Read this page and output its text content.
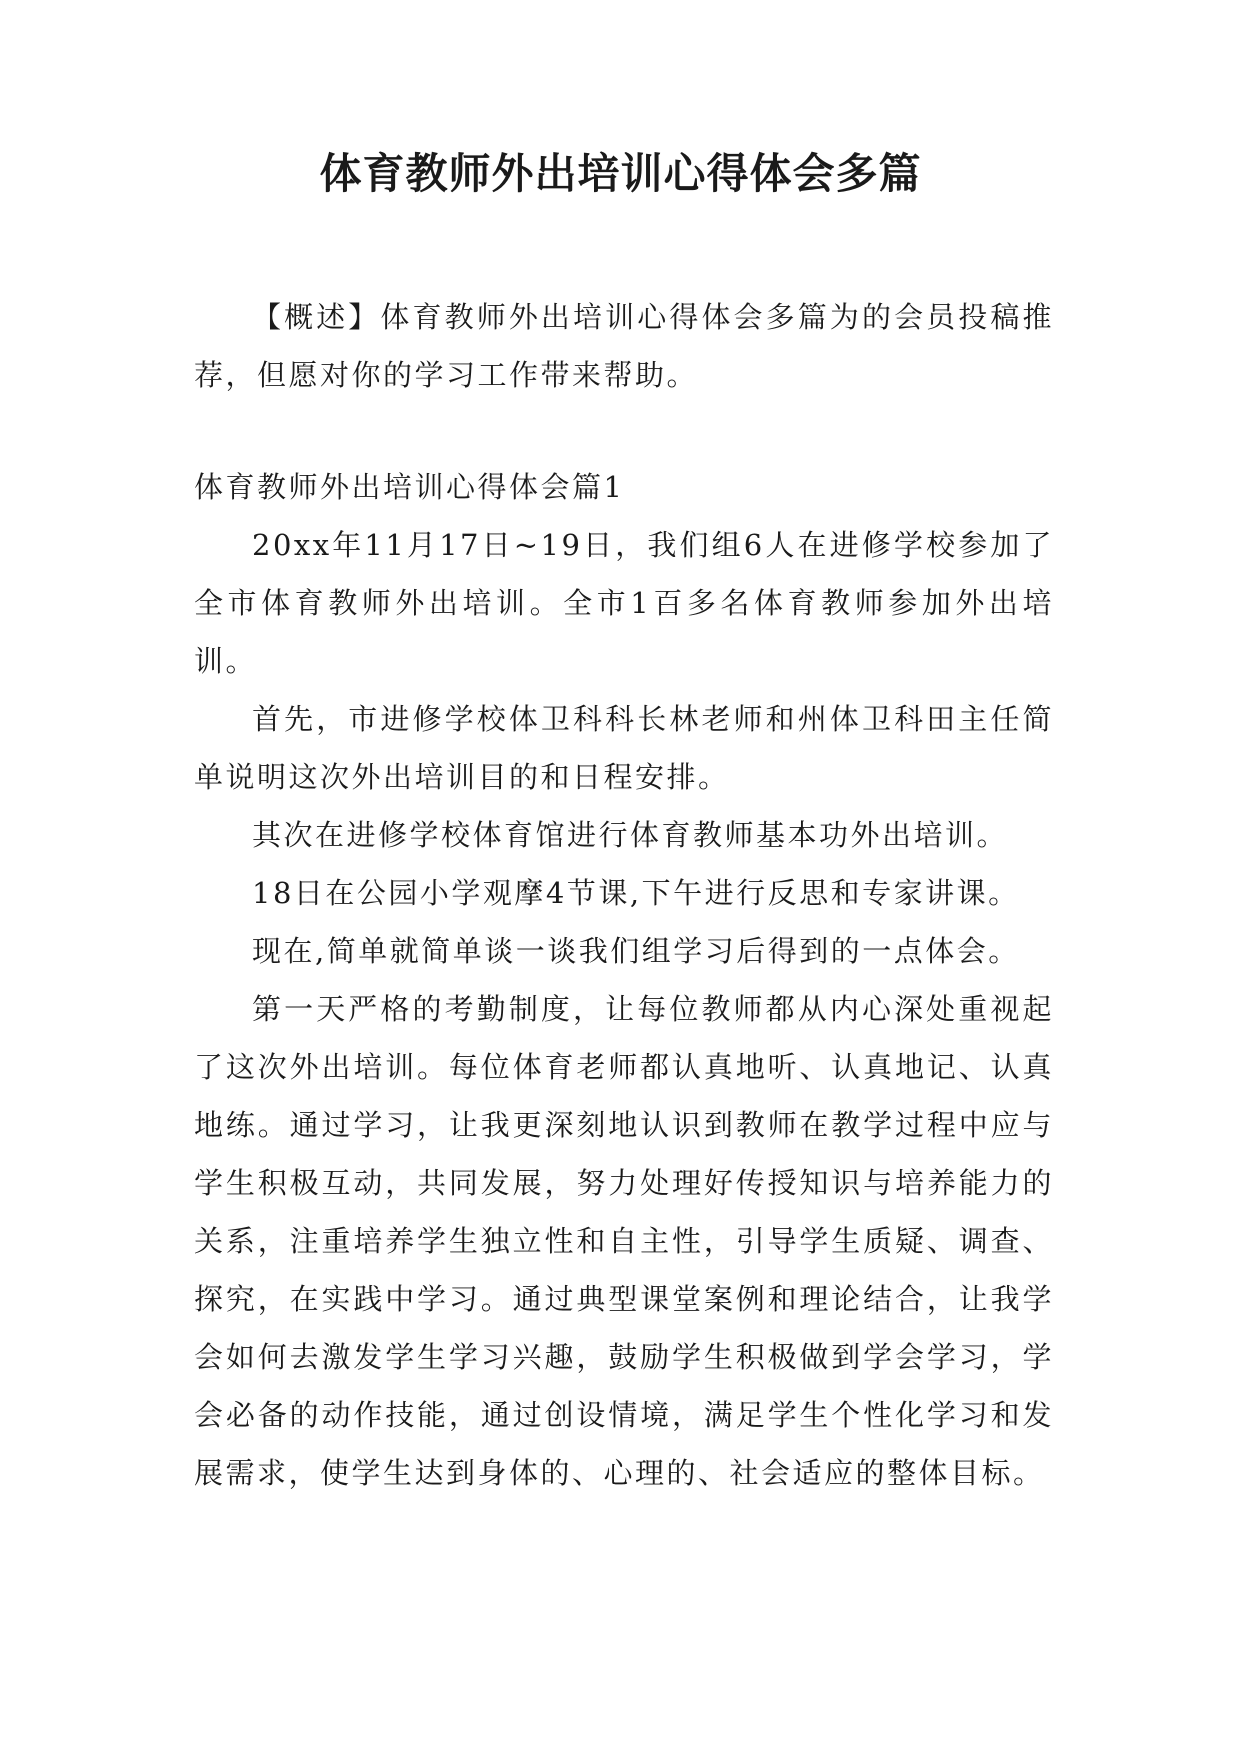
体育教师外出培训心得体会多篇

【概述】体育教师外出培训心得体会多篇为的会员投稿推荐，但愿对你的学习工作带来帮助。

体育教师外出培训心得体会篇1

20xx年11月17日~19日，我们组6人在进修学校参加了全市体育教师外出培训。全市1百多名体育教师参加外出培训。

首先，市进修学校体卫科科长林老师和州体卫科田主任简单说明这次外出培训目的和日程安排。

其次在进修学校体育馆进行体育教师基本功外出培训。

18日在公园小学观摩4节课,下午进行反思和专家讲课。

现在,简单就简单谈一谈我们组学习后得到的一点体会。

第一天严格的考勤制度，让每位教师都从内心深处重视起了这次外出培训。每位体育老师都认真地听、认真地记、认真地练。通过学习，让我更深刻地认识到教师在教学过程中应与学生积极互动，共同发展，努力处理好传授知识与培养能力的关系，注重培养学生独立性和自主性，引导学生质疑、调查、探究，在实践中学习。通过典型课堂案例和理论结合，让我学会如何去激发学生学习兴趣，鼓励学生积极做到学会学习，学会必备的动作技能，通过创设情境，满足学生个性化学习和发展需求，使学生达到身体的、心理的、社会适应的整体目标。
